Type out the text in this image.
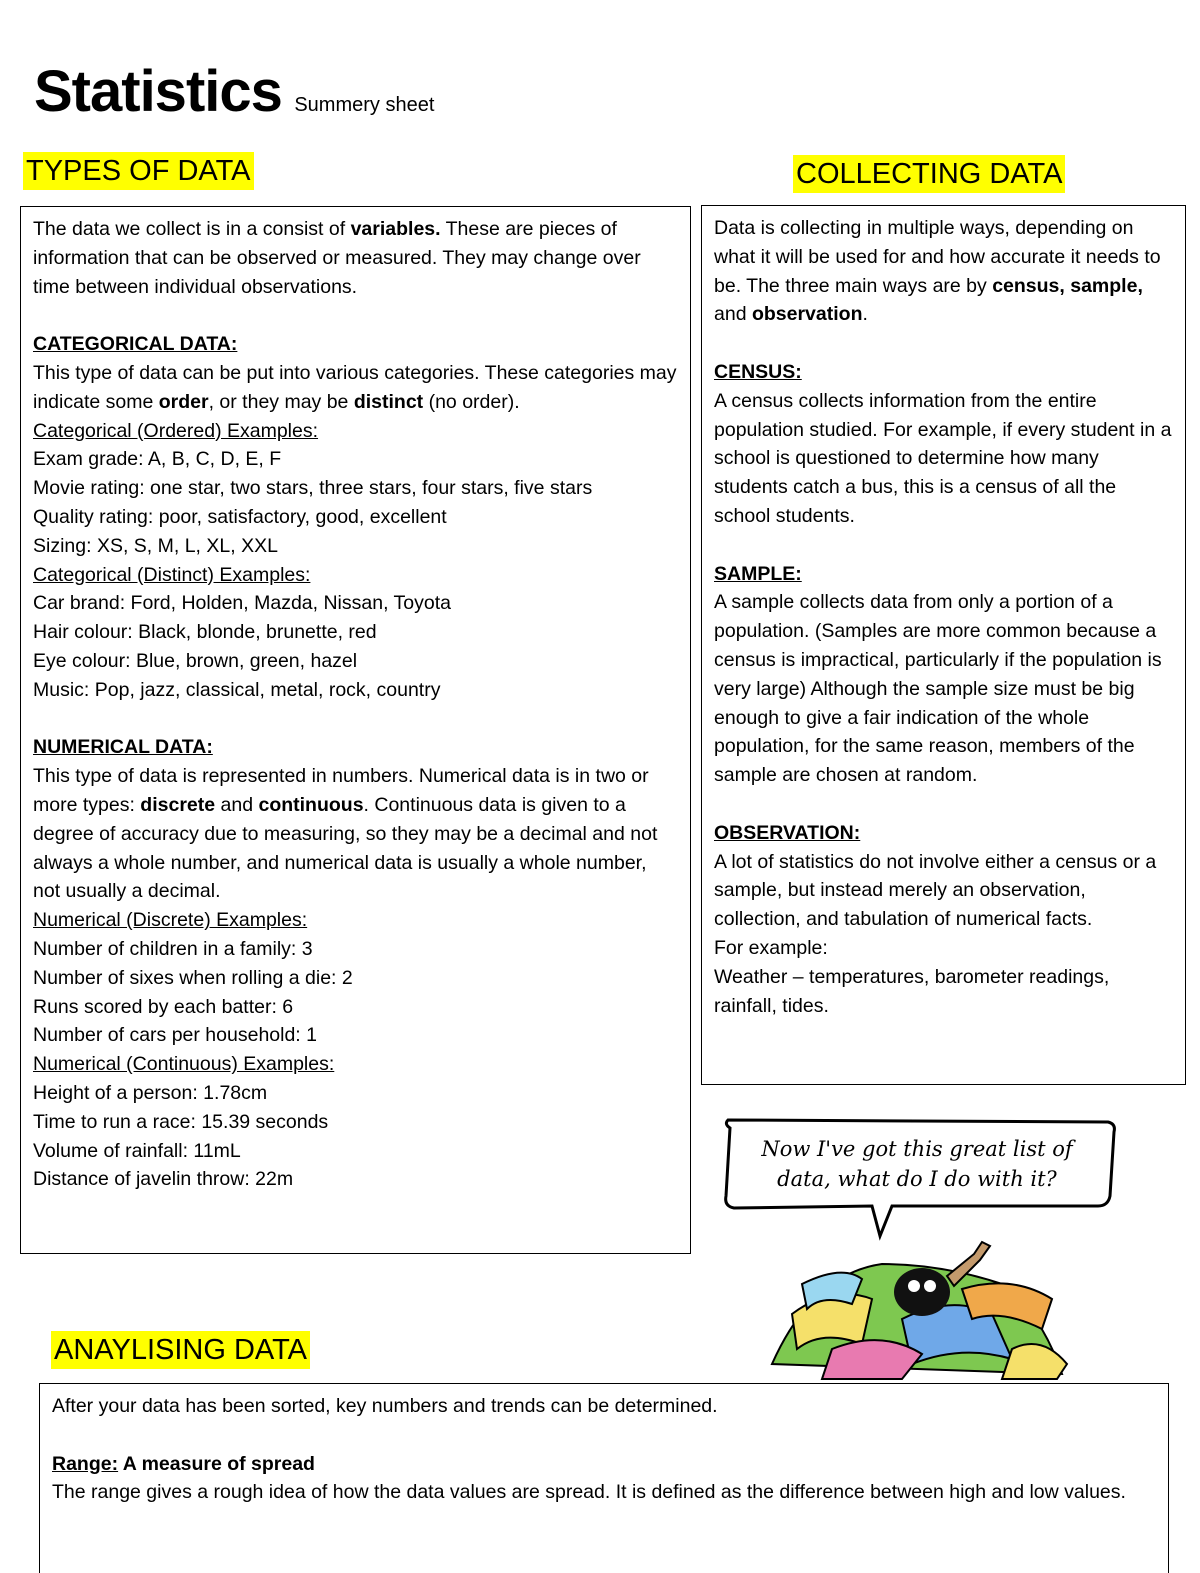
Statistics Summery sheet
TYPES OF DATA

The data we collect is in a consist of variables. These are pieces of information that can be observed or measured. They may change over time between individual observations.

CATEGORICAL DATA:

This type of data can be put into various categories. These categories may indicate some order, or they may be distinct (no order).

Categorical (Ordered) Examples:

Exam grade: A, B, C, D, E, F

Movie rating: one star, two stars, three stars, four stars, five stars

Quality rating: poor, satisfactory, good, excellent

Sizing: XS, S, M, L, XL, XXL

Categorical (Distinct) Examples:

Car brand: Ford, Holden, Mazda, Nissan, Toyota

Hair colour: Black, blonde, brunette, red

Eye colour: Blue, brown, green, hazel

Music: Pop, jazz, classical, metal, rock, country

NUMERICAL DATA:

This type of data is represented in numbers. Numerical data is in two or more types: discrete and continuous. Continuous data is given to a degree of accuracy due to measuring, so they may be a decimal and not always a whole number, and numerical data is usually a whole number, not usually a decimal.

Numerical (Discrete) Examples:

Number of children in a family: 3

Number of sixes when rolling a die: 2

Runs scored by each batter: 6

Number of cars per household: 1

Numerical (Continuous) Examples:

Height of a person: 1.78cm

Time to run a race: 15.39 seconds

Volume of rainfall: 11mL

Distance of javelin throw: 22m

COLLECTING DATA

Data is collecting in multiple ways, depending on what it will be used for and how accurate it needs to be. The three main ways are by census, sample, and observation.

CENSUS:

A census collects information from the entire population studied. For example, if every student in a school is questioned to determine how many students catch a bus, this is a census of all the school students.

SAMPLE:

A sample collects data from only a portion of a population. (Samples are more common because a census is impractical, particularly if the population is very large) Although the sample size must be big enough to give a fair indication of the whole population, for the same reason, members of the sample are chosen at random.

OBSERVATION:

A lot of statistics do not involve either a census or a sample, but instead merely an observation, collection, and tabulation of numerical facts.

For example:

Weather – temperatures, barometer readings, rainfall, tides.

Now I've got this great list of
data, what do I do with it?
ANAYLISING DATA

After your data has been sorted, key numbers and trends can be determined.

Range: A measure of spread

The range gives a rough idea of how the data values are spread. It is defined as the difference between high and low values.
